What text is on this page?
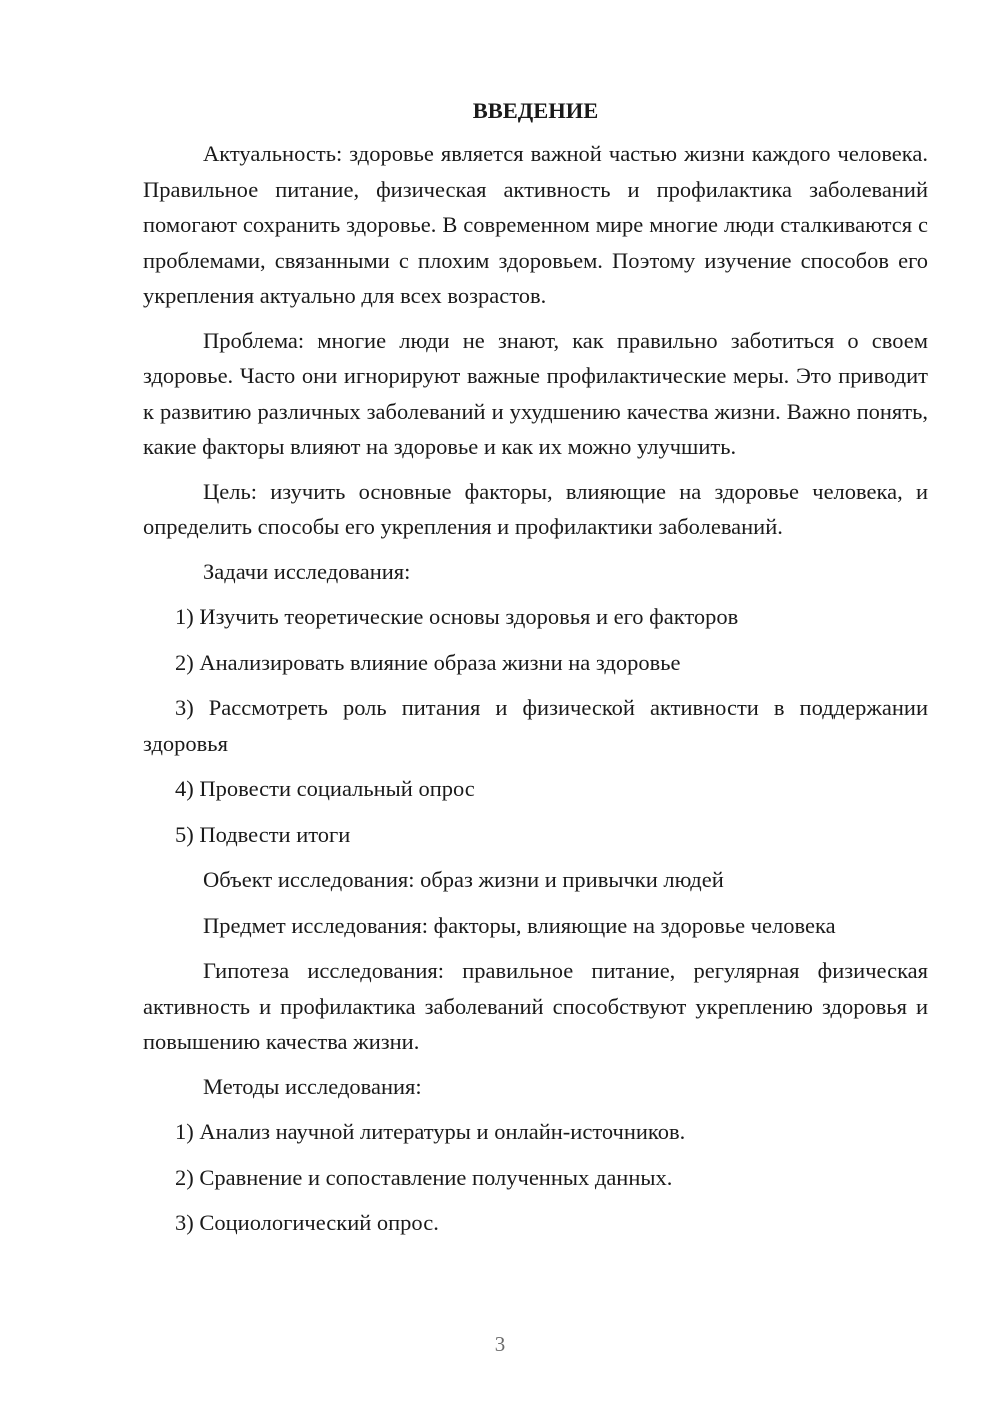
ВВЕДЕНИЕ

Актуальность: здоровье является важной частью жизни каждого человека. Правильное питание, физическая активность и профилактика заболеваний помогают сохранить здоровье. В современном мире многие люди сталкиваются с проблемами, связанными с плохим здоровьем. Поэтому изучение способов его укрепления актуально для всех возрастов.

Проблема: многие люди не знают, как правильно заботиться о своем здоровье. Часто они игнорируют важные профилактические меры. Это приводит к развитию различных заболеваний и ухудшению качества жизни. Важно понять, какие факторы влияют на здоровье и как их можно улучшить.

Цель: изучить основные факторы, влияющие на здоровье человека, и определить способы его укрепления и профилактики заболеваний.

Задачи исследования:

1) Изучить теоретические основы здоровья и его факторов

2) Анализировать влияние образа жизни на здоровье

3) Рассмотреть роль питания и физической активности в поддержании здоровья

4) Провести социальный опрос

5) Подвести итоги

Объект исследования: образ жизни и привычки людей

Предмет исследования: факторы, влияющие на здоровье человека

Гипотеза исследования: правильное питание, регулярная физическая активность и профилактика заболеваний способствуют укреплению здоровья и повышению качества жизни.

Методы исследования:

1) Анализ научной литературы и онлайн-источников.

2) Сравнение и сопоставление полученных данных.

3) Социологический опрос.

3
